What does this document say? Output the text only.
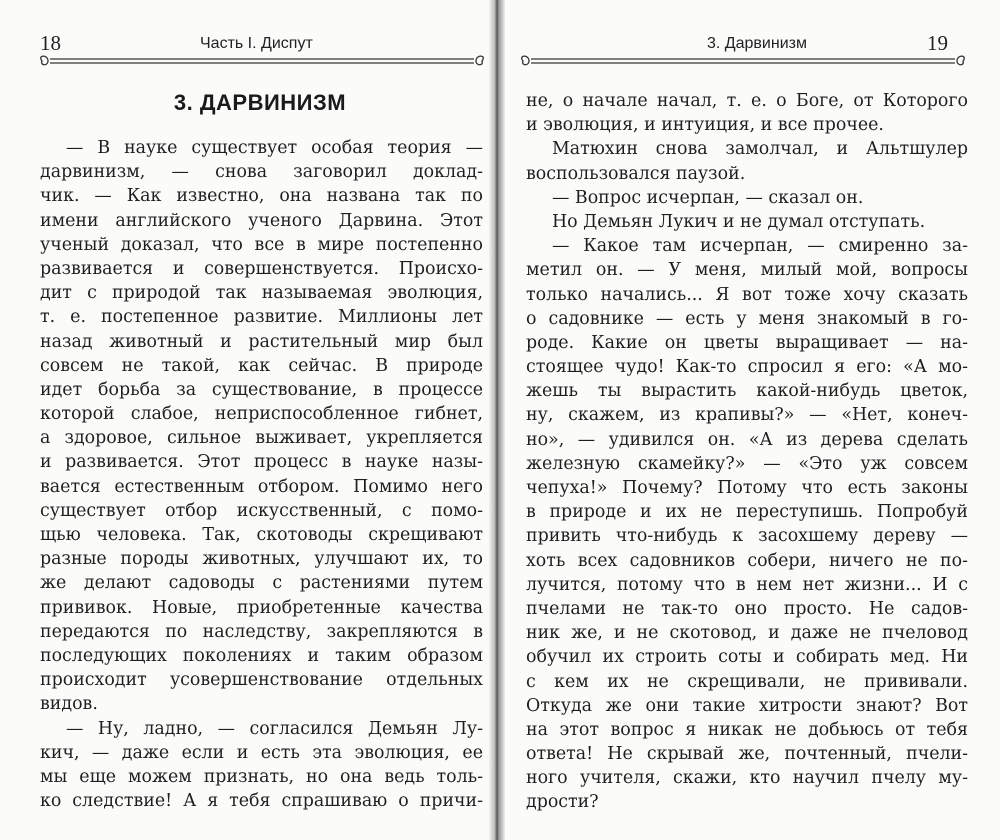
18	Часть I. Диспут
3. ДАРВИНИЗМ
— В науке существует особая теория —
дарвинизм, — снова заговорил доклад-
чик. — Как известно, она названа так по
имени английского ученого Дарвина. Этот
ученый доказал, что все в мире постепенно
развивается и совершенствуется. Происхо-
дит с природой так называемая эволюция,
т. е. постепенное развитие. Миллионы лет
назад животный и растительный мир был
совсем не такой, как сейчас. В природе
идет борьба за существование, в процессе
которой слабое, неприспособленное гибнет,
а здоровое, сильное выживает, укрепляется
и развивается. Этот процесс в науке назы-
вается естественным отбором. Помимо него
существует отбор искусственный, с помо-
щью человека. Так, скотоводы скрещивают
разные породы животных, улучшают их, то
же делают садоводы с растениями путем
прививок. Новые, приобретенные качества
передаются по наследству, закрепляются в
последующих поколениях и таким образом
происходит усовершенствование отдельных
видов.
— Ну, ладно, — согласился Демьян Лу-
кич, — даже если и есть эта эволюция, ее
мы еще можем признать, но она ведь толь-
ко следствие! А я тебя спрашиваю о причи-
3. Дарвинизм	19
не, о начале начал, т. е. о Боге, от Которого
и эволюция, и интуиция, и все прочее.
Матюхин снова замолчал, и Альтшулер
воспользовался паузой.
— Вопрос исчерпан, — сказал он.
Но Демьян Лукич и не думал отступать.
— Какое там исчерпан, — смиренно за-
метил он. — У меня, милый мой, вопросы
только начались... Я вот тоже хочу сказать
о садовнике — есть у меня знакомый в го-
роде. Какие он цветы выращивает — на-
стоящее чудо! Как-то спросил я его: «А мо-
жешь ты вырастить какой-нибудь цветок,
ну, скажем, из крапивы?» — «Нет, конеч-
но», — удивился он. «А из дерева сделать
железную скамейку?» — «Это уж совсем
чепуха!» Почему? Потому что есть законы
в природе и их не переступишь. Попробуй
привить что-нибудь к засохшему дереву —
хоть всех садовников собери, ничего не по-
лучится, потому что в нем нет жизни... И с
пчелами не так-то оно просто. Не садов-
ник же, и не скотовод, и даже не пчеловод
обучил их строить соты и собирать мед. Ни
с кем их не скрещивали, не прививали.
Откуда же они такие хитрости знают? Вот
на этот вопрос я никак не добьюсь от тебя
ответа! Не скрывай же, почтенный, пчели-
ного учителя, скажи, кто научил пчелу му-
дрости?
